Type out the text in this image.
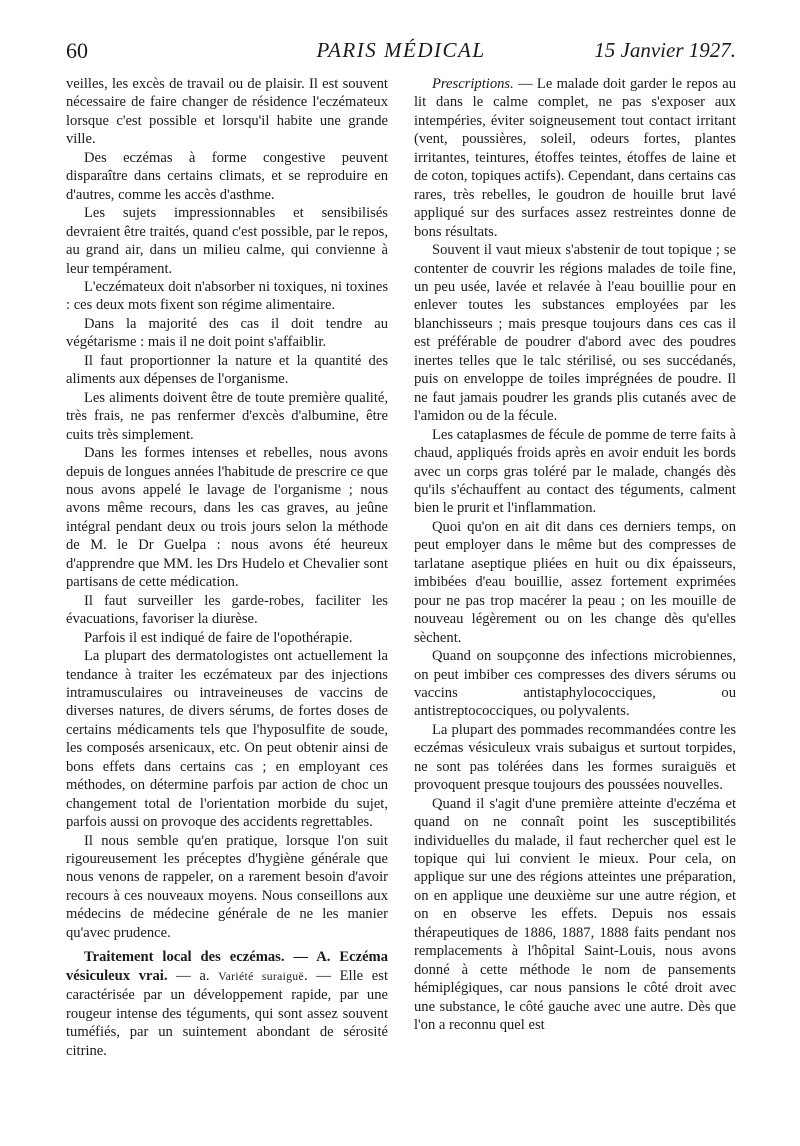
60	PARIS MÉDICAL	15 Janvier 1927.

veilles, les excès de travail ou de plaisir. Il est souvent nécessaire de faire changer de résidence l'eczémateux lorsque c'est possible et lorsqu'il habite une grande ville.

Des eczémas à forme congestive peuvent disparaître dans certains climats, et se reproduire en d'autres, comme les accès d'asthme.

Les sujets impressionnables et sensibilisés devraient être traités, quand c'est possible, par le repos, au grand air, dans un milieu calme, qui convienne à leur tempérament.

L'eczémateux doit n'absorber ni toxiques, ni toxines : ces deux mots fixent son régime alimentaire.

Dans la majorité des cas il doit tendre au végétarisme : mais il ne doit point s'affaiblir.

Il faut proportionner la nature et la quantité des aliments aux dépenses de l'organisme.

Les aliments doivent être de toute première qualité, très frais, ne pas renfermer d'excès d'albumine, être cuits très simplement.

Dans les formes intenses et rebelles, nous avons depuis de longues années l'habitude de prescrire ce que nous avons appelé le lavage de l'organisme ; nous avons même recours, dans les cas graves, au jeûne intégral pendant deux ou trois jours selon la méthode de M. le Dr Guelpa : nous avons été heureux d'apprendre que MM. les Drs Hudelo et Chevalier sont partisans de cette médication.

Il faut surveiller les garde-robes, faciliter les évacuations, favoriser la diurèse.

Parfois il est indiqué de faire de l'opothérapie.

La plupart des dermatologistes ont actuellement la tendance à traiter les eczémateux par des injections intramusculaires ou intraveineuses de vaccins de diverses natures, de divers sérums, de fortes doses de certains médicaments tels que l'hyposulfite de soude, les composés arsenicaux, etc. On peut obtenir ainsi de bons effets dans certains cas ; en employant ces méthodes, on détermine parfois par action de choc un changement total de l'orientation morbide du sujet, parfois aussi on provoque des accidents regrettables.

Il nous semble qu'en pratique, lorsque l'on suit rigoureusement les préceptes d'hygiène générale que nous venons de rappeler, on a rarement besoin d'avoir recours à ces nouveaux moyens. Nous conseillons aux médecins de médecine générale de ne les manier qu'avec prudence.

Traitement local des eczémas. — A. Eczéma vésiculeux vrai. — a. Variété suraiguë. — Elle est caractérisée par un développement rapide, par une rougeur intense des téguments, qui sont assez souvent tuméfiés, par un suintement abondant de sérosité citrine.

Prescriptions. — Le malade doit garder le repos au lit dans le calme complet, ne pas s'exposer aux intempéries, éviter soigneusement tout contact irritant (vent, poussières, soleil, odeurs fortes, plantes irritantes, teintures, étoffes teintes, étoffes de laine et de coton, topiques actifs). Cependant, dans certains cas rares, très rebelles, le goudron de houille brut lavé appliqué sur des surfaces assez restreintes donne de bons résultats.

Souvent il vaut mieux s'abstenir de tout topique ; se contenter de couvrir les régions malades de toile fine, un peu usée, lavée et relavée à l'eau bouillie pour en enlever toutes les substances employées par les blanchisseurs ; mais presque toujours dans ces cas il est préférable de poudrer d'abord avec des poudres inertes telles que le talc stérilisé, ou ses succédanés, puis on enveloppe de toiles imprégnées de poudre. Il ne faut jamais poudrer les grands plis cutanés avec de l'amidon ou de la fécule.

Les cataplasmes de fécule de pomme de terre faits à chaud, appliqués froids après en avoir enduit les bords avec un corps gras toléré par le malade, changés dès qu'ils s'échauffent au contact des téguments, calment bien le prurit et l'inflammation.

Quoi qu'on en ait dit dans ces derniers temps, on peut employer dans le même but des compresses de tarlatane aseptique pliées en huit ou dix épaisseurs, imbibées d'eau bouillie, assez fortement exprimées pour ne pas trop macérer la peau ; on les mouille de nouveau légèrement ou on les change dès qu'elles sèchent.

Quand on soupçonne des infections microbiennes, on peut imbiber ces compresses des divers sérums ou vaccins antistaphylococciques, ou antistreptococciques, ou polyvalents.

La plupart des pommades recommandées contre les eczémas vésiculeux vrais subaigus et surtout torpides, ne sont pas tolérées dans les formes suraiguës et provoquent presque toujours des poussées nouvelles.

Quand il s'agit d'une première atteinte d'eczéma et quand on ne connaît point les susceptibilités individuelles du malade, il faut rechercher quel est le topique qui lui convient le mieux. Pour cela, on applique sur une des régions atteintes une préparation, on en applique une deuxième sur une autre région, et on en observe les effets. Depuis nos essais thérapeutiques de 1886, 1887, 1888 faits pendant nos remplacements à l'hôpital Saint-Louis, nous avons donné à cette méthode le nom de pansements hémiplégiques, car nous pansions le côté droit avec une substance, le côté gauche avec une autre. Dès que l'on a reconnu quel est
